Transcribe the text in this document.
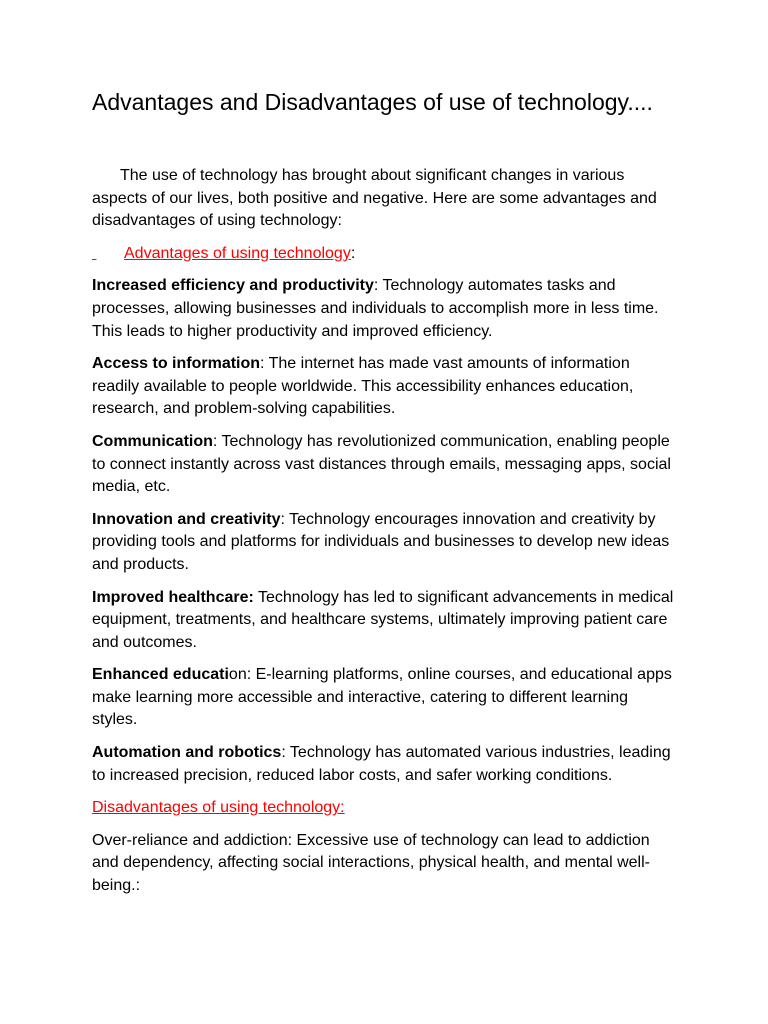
Advantages and Disadvantages of use of technology....

The use of technology has brought about significant changes in various aspects of our lives, both positive and negative. Here are some advantages and disadvantages of using technology:

Advantages of using technology:

Increased efficiency and productivity: Technology automates tasks and processes, allowing businesses and individuals to accomplish more in less time. This leads to higher productivity and improved efficiency.

Access to information: The internet has made vast amounts of information readily available to people worldwide. This accessibility enhances education, research, and problem-solving capabilities.

Communication: Technology has revolutionized communication, enabling people to connect instantly across vast distances through emails, messaging apps, social media, etc.

Innovation and creativity: Technology encourages innovation and creativity by providing tools and platforms for individuals and businesses to develop new ideas and products.

Improved healthcare: Technology has led to significant advancements in medical equipment, treatments, and healthcare systems, ultimately improving patient care and outcomes.

Enhanced education: E-learning platforms, online courses, and educational apps make learning more accessible and interactive, catering to different learning styles.

Automation and robotics: Technology has automated various industries, leading to increased precision, reduced labor costs, and safer working conditions.

Disadvantages of using technology:

Over-reliance and addiction: Excessive use of technology can lead to addiction and dependency, affecting social interactions, physical health, and mental well-being.:
